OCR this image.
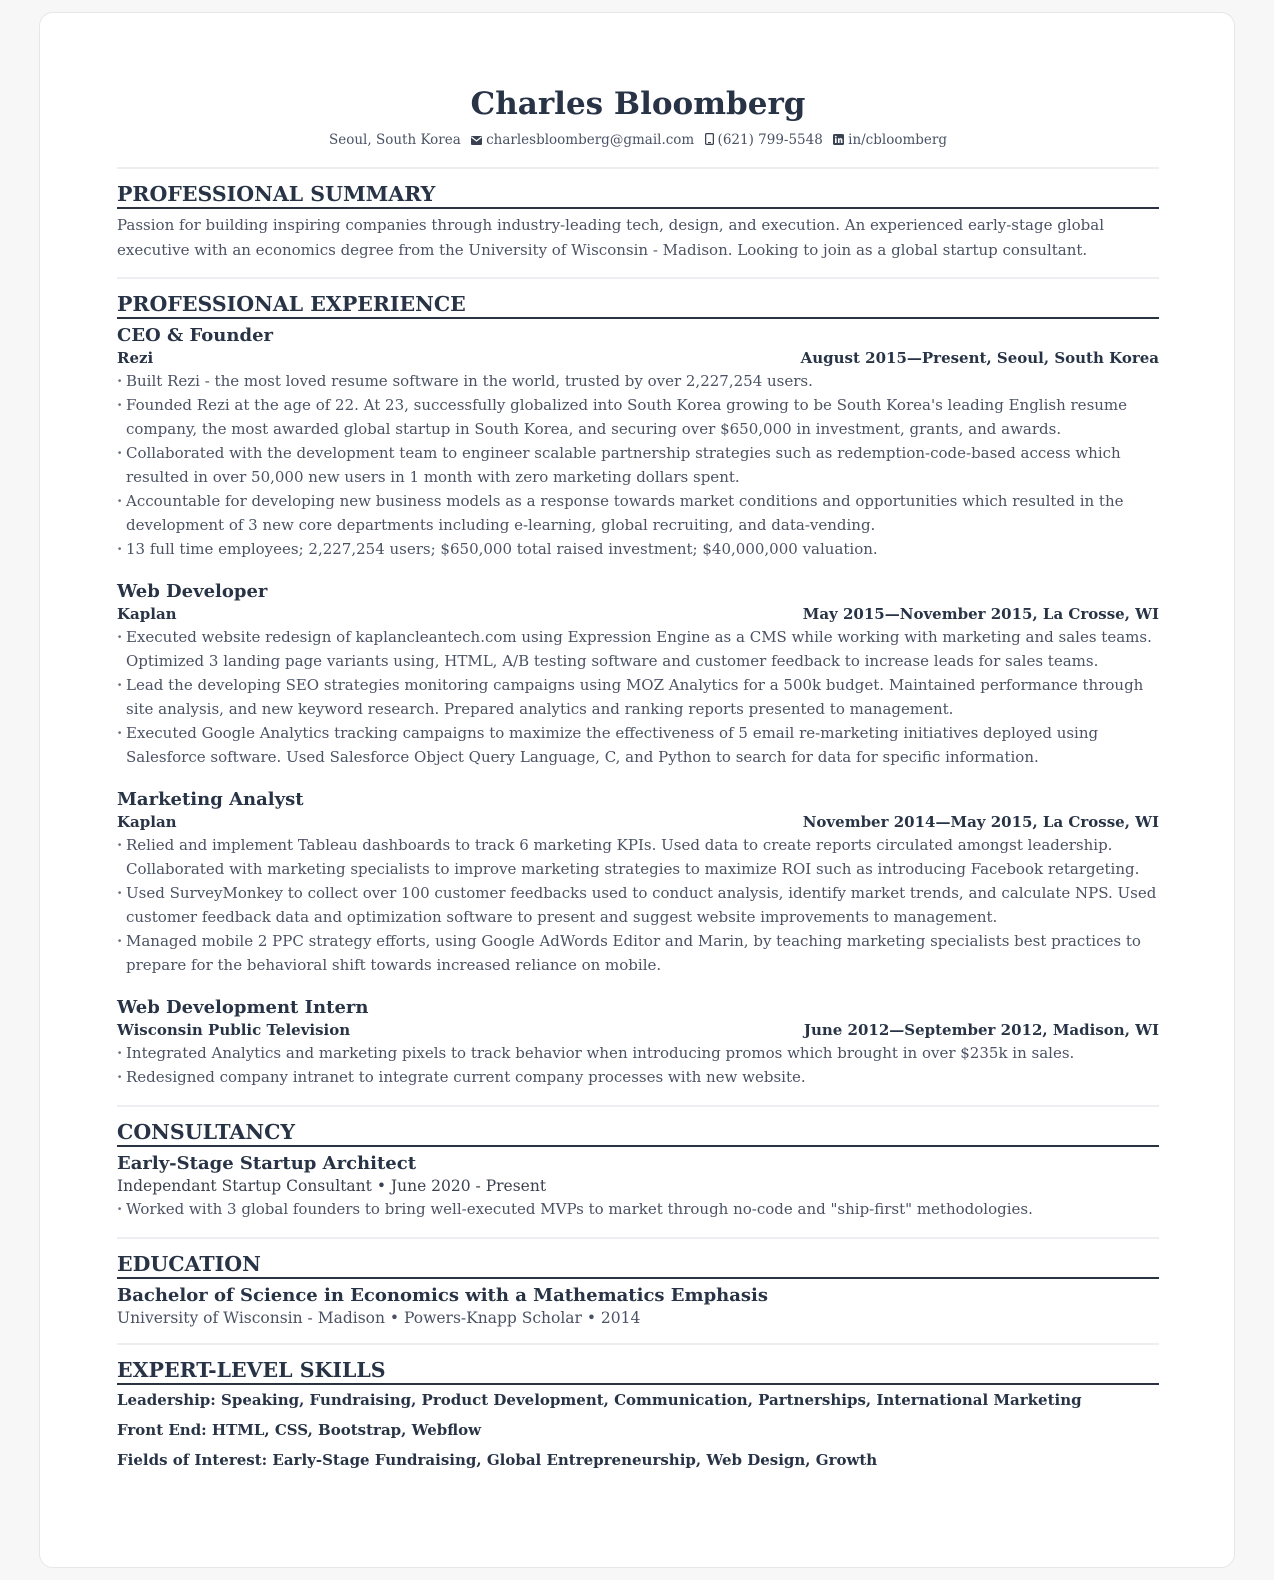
Charles Bloomberg
Seoul, South Korea charlesbloomberg@gmail.com (621) 799-5548 in/cbloomberg
PROFESSIONAL SUMMARY
Passion for building inspiring companies through industry-leading tech, design, and execution. An experienced early-stage global executive with an economics degree from the University of Wisconsin - Madison. Looking to join as a global startup consultant.
PROFESSIONAL EXPERIENCE
CEO & Founder
Rezi	August 2015—Present, Seoul, South Korea
· Built Rezi - the most loved resume software in the world, trusted by over 2,227,254 users.
· Founded Rezi at the age of 22. At 23, successfully globalized into South Korea growing to be South Korea's leading English resume company, the most awarded global startup in South Korea, and securing over $650,000 in investment, grants, and awards.
· Collaborated with the development team to engineer scalable partnership strategies such as redemption-code-based access which resulted in over 50,000 new users in 1 month with zero marketing dollars spent.
· Accountable for developing new business models as a response towards market conditions and opportunities which resulted in the development of 3 new core departments including e-learning, global recruiting, and data-vending.
· 13 full time employees; 2,227,254 users; $650,000 total raised investment; $40,000,000 valuation.
Web Developer
Kaplan	May 2015—November 2015, La Crosse, WI
· Executed website redesign of kaplancleantech.com using Expression Engine as a CMS while working with marketing and sales teams. Optimized 3 landing page variants using, HTML, A/B testing software and customer feedback to increase leads for sales teams.
· Lead the developing SEO strategies monitoring campaigns using MOZ Analytics for a 500k budget. Maintained performance through site analysis, and new keyword research. Prepared analytics and ranking reports presented to management.
· Executed Google Analytics tracking campaigns to maximize the effectiveness of 5 email re-marketing initiatives deployed using Salesforce software. Used Salesforce Object Query Language, C, and Python to search for data for specific information.
Marketing Analyst
Kaplan	November 2014—May 2015, La Crosse, WI
· Relied and implement Tableau dashboards to track 6 marketing KPIs. Used data to create reports circulated amongst leadership. Collaborated with marketing specialists to improve marketing strategies to maximize ROI such as introducing Facebook retargeting.
· Used SurveyMonkey to collect over 100 customer feedbacks used to conduct analysis, identify market trends, and calculate NPS. Used customer feedback data and optimization software to present and suggest website improvements to management.
· Managed mobile 2 PPC strategy efforts, using Google AdWords Editor and Marin, by teaching marketing specialists best practices to prepare for the behavioral shift towards increased reliance on mobile.
Web Development Intern
Wisconsin Public Television	June 2012—September 2012, Madison, WI
· Integrated Analytics and marketing pixels to track behavior when introducing promos which brought in over $235k in sales.
· Redesigned company intranet to integrate current company processes with new website.
CONSULTANCY
Early-Stage Startup Architect
Independant Startup Consultant • June 2020 - Present
· Worked with 3 global founders to bring well-executed MVPs to market through no-code and "ship-first" methodologies.
EDUCATION
Bachelor of Science in Economics with a Mathematics Emphasis
University of Wisconsin - Madison • Powers-Knapp Scholar • 2014
EXPERT-LEVEL SKILLS
Leadership: Speaking, Fundraising, Product Development, Communication, Partnerships, International Marketing
Front End: HTML, CSS, Bootstrap, Webflow
Fields of Interest: Early-Stage Fundraising, Global Entrepreneurship, Web Design, Growth
